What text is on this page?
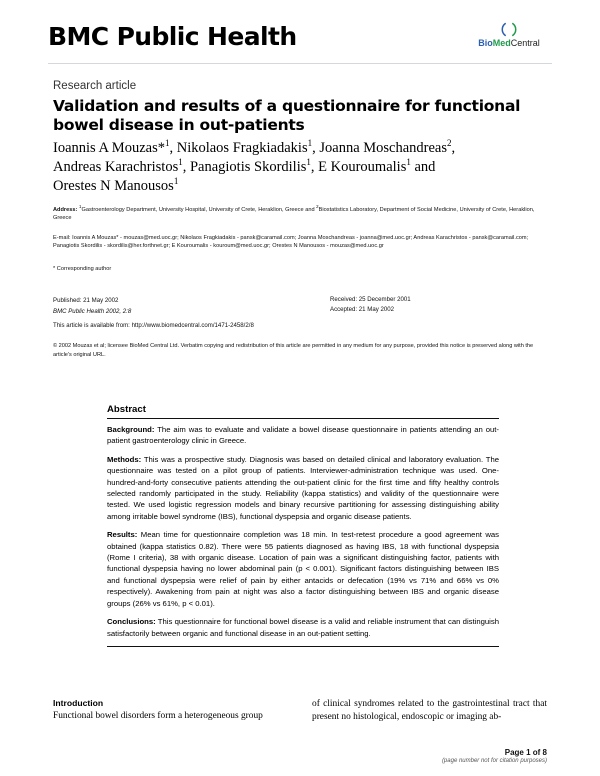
BMC Public Health	BioMedCentral
Research article
Validation and results of a questionnaire for functional bowel disease in out-patients
Ioannis A Mouzas*$^1$, Nikolaos Fragkiadakis$^1$, Joanna Moschandreas$^2$,
Andreas Karachristos$^1$, Panagiotis Skordilis$^1$, E Kouroumalis$^1$ and
Orestes N Manousos$^1$
Address: $^1$Gastroenterology Department, University Hospital, University of Crete, Heraklion, Greece and $^2$Biostatistics Laboratory, Department of Social Medicine, University of Crete, Heraklion, Greece
E-mail: Ioannis A Mouzas* - mouzas@med.uoc.gr; Nikolaos Fragkiadakis - pansk@caramail.com; Joanna Moschandreas - joanna@med.uoc.gr; Andreas Karachristos - pansk@caramail.com; Panagiotis Skordilis - skordilis@her.forthnet.gr; E Kouroumalis - kouroum@med.uoc.gr; Orestes N Manousos - mouzas@med.uoc.gr
* Corresponding author
Published: 21 May 2002
BMC Public Health 2002, 2:8
Received: 25 December 2001
Accepted: 21 May 2002
This article is available from: http://www.biomedcentral.com/1471-2458/2/8
© 2002 Mouzas et al; licensee BioMed Central Ltd. Verbatim copying and redistribution of this article are permitted in any medium for any purpose, provided this notice is preserved along with the article's original URL.
Abstract
Background: The aim was to evaluate and validate a bowel disease questionnaire in patients attending an out-patient gastroenterology clinic in Greece.
Methods: This was a prospective study. Diagnosis was based on detailed clinical and laboratory evaluation. The questionnaire was tested on a pilot group of patients. Interviewer-administration technique was used. One-hundred-and-forty consecutive patients attending the out-patient clinic for the first time and fifty healthy controls selected randomly participated in the study. Reliability (kappa statistics) and validity of the questionnaire were tested. We used logistic regression models and binary recursive partitioning for assessing distinguishing ability among irritable bowel syndrome (IBS), functional dyspepsia and organic disease patients.
Results: Mean time for questionnaire completion was 18 min. In test-retest procedure a good agreement was obtained (kappa statistics 0.82). There were 55 patients diagnosed as having IBS, 18 with functional dyspepsia (Rome I criteria), 38 with organic disease. Location of pain was a significant distinguishing factor, patients with functional dyspepsia having no lower abdominal pain (p < 0.001). Significant factors distinguishing between IBS and functional dyspepsia were relief of pain by either antacids or defecation (19% vs 71% and 66% vs 0% respectively). Awakening from pain at night was also a factor distinguishing between IBS and organic disease groups (26% vs 61%, p < 0.01).
Conclusions: This questionnaire for functional bowel disease is a valid and reliable instrument that can distinguish satisfactorily between organic and functional disease in an out-patient setting.
Introduction
Functional bowel disorders form a heterogeneous group
of clinical syndromes related to the gastrointestinal tract that present no histological, endoscopic or imaging ab-
Page 1 of 8
(page number not for citation purposes)
